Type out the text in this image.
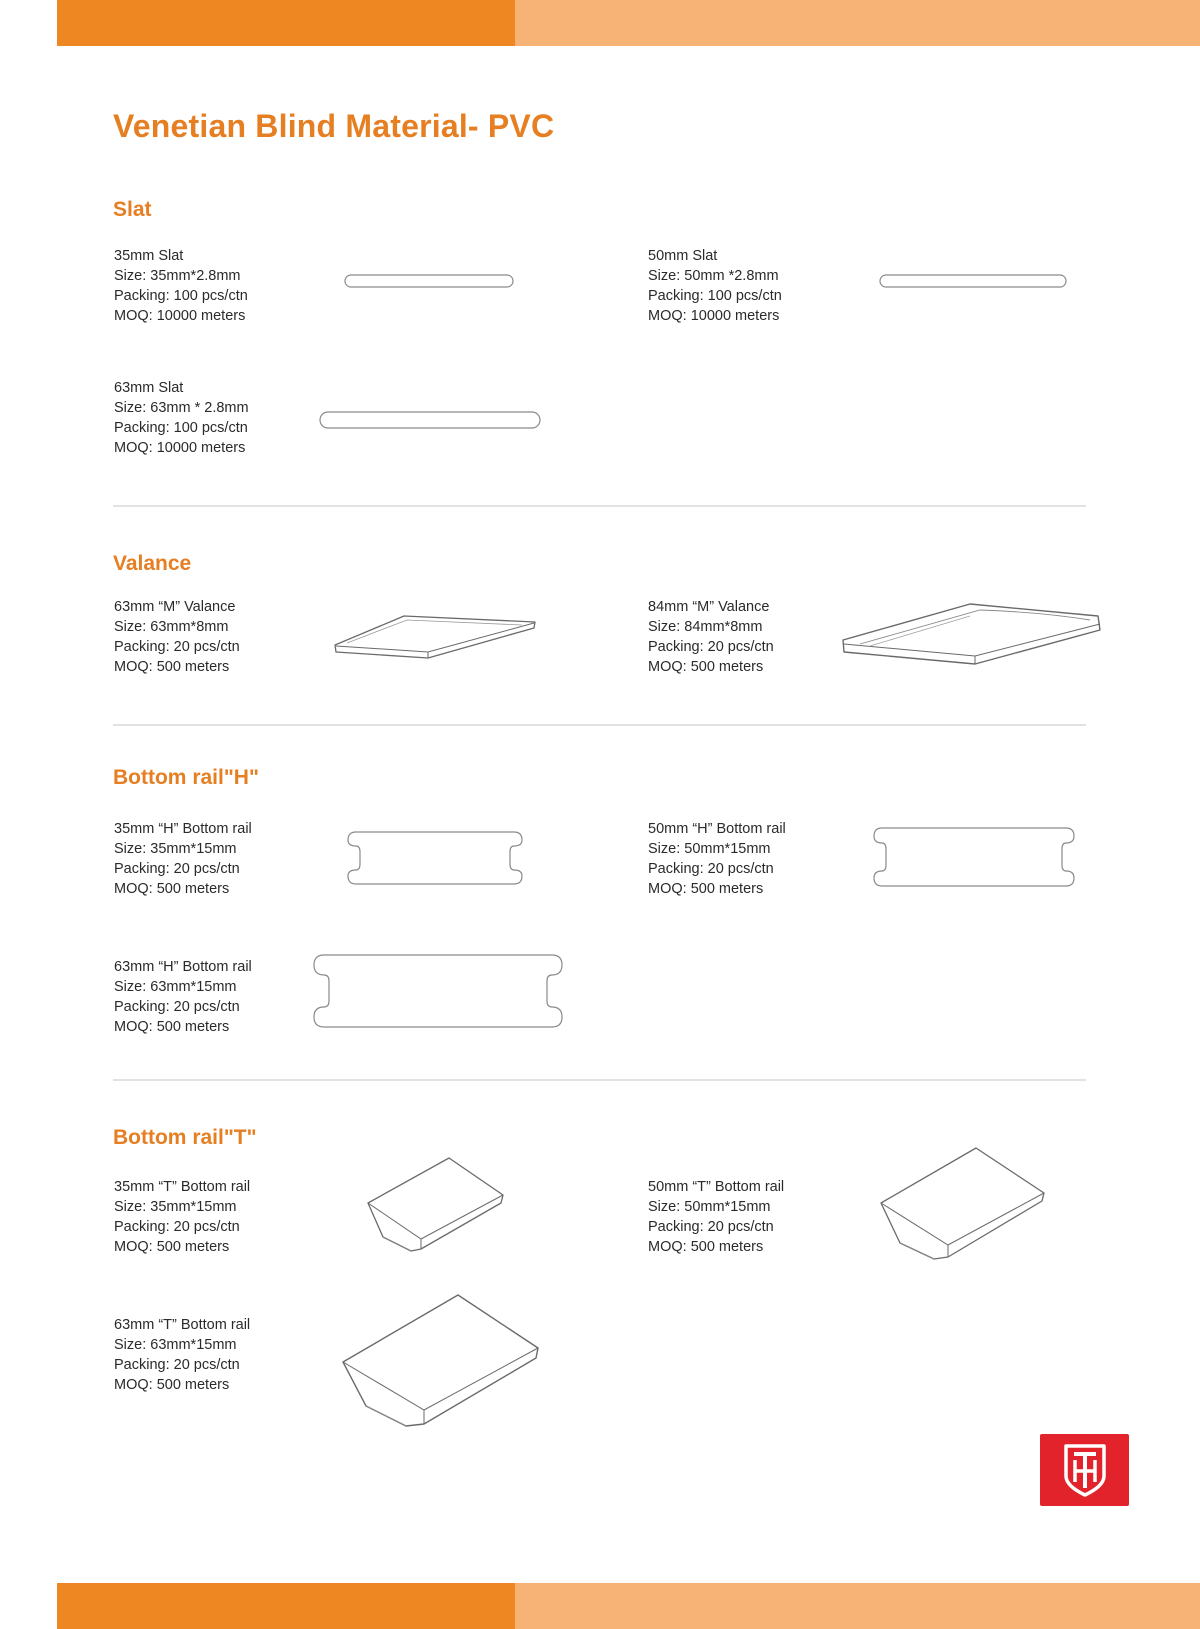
Venetian Blind Material- PVC
Slat
35mm Slat
Size: 35mm*2.8mm
Packing: 100 pcs/ctn
MOQ: 10000 meters
50mm Slat
Size: 50mm *2.8mm
Packing: 100 pcs/ctn
MOQ: 10000 meters
63mm Slat
Size: 63mm * 2.8mm
Packing: 100 pcs/ctn
MOQ: 10000 meters
Valance
63mm “M” Valance
Size: 63mm*8mm
Packing: 20 pcs/ctn
MOQ: 500 meters
84mm “M” Valance
Size: 84mm*8mm
Packing: 20 pcs/ctn
MOQ: 500 meters
Bottom rail"H"
35mm “H” Bottom rail
Size: 35mm*15mm
Packing: 20 pcs/ctn
MOQ: 500 meters
50mm “H” Bottom rail
Size: 50mm*15mm
Packing: 20 pcs/ctn
MOQ: 500 meters
63mm “H” Bottom rail
Size: 63mm*15mm
Packing: 20 pcs/ctn
MOQ: 500 meters
Bottom rail"T"
35mm “T” Bottom rail
Size: 35mm*15mm
Packing: 20 pcs/ctn
MOQ: 500 meters
50mm “T” Bottom rail
Size: 50mm*15mm
Packing: 20 pcs/ctn
MOQ: 500 meters
63mm “T” Bottom rail
Size: 63mm*15mm
Packing: 20 pcs/ctn
MOQ: 500 meters
